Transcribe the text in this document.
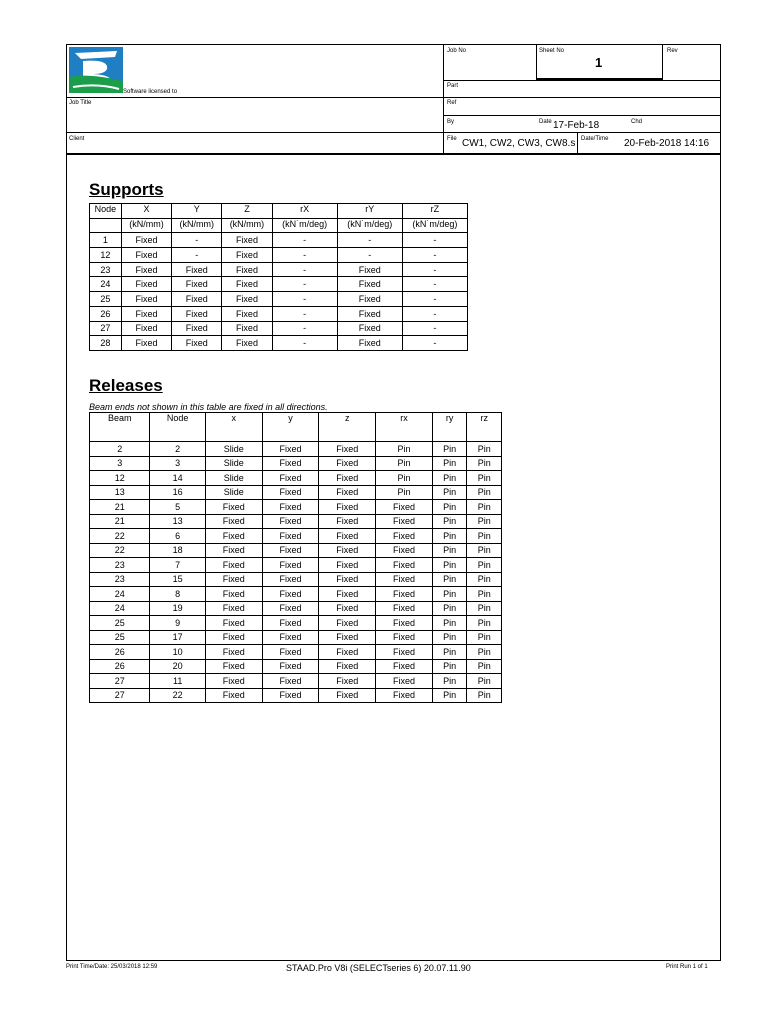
Software licensed to
Job No	Sheet No
1
Rev
Part
Job Title	Ref
By	Date 17-Feb-18	Chd
Client	File CW1, CW2, CW3, CW8.s Date/Time 20-Feb-2018 14:16
Supports
Node	X	Y	Z	rX	rY	rZ
	(kN/mm)	(kN/mm)	(kN/mm)	(kN˙m/deg)	(kN˙m/deg)	(kN˙m/deg)
1	Fixed	-	Fixed	-	-	-
12	Fixed	-	Fixed	-	-	-
23	Fixed	Fixed	Fixed	-	Fixed	-
24	Fixed	Fixed	Fixed	-	Fixed	-
25	Fixed	Fixed	Fixed	-	Fixed	-
26	Fixed	Fixed	Fixed	-	Fixed	-
27	Fixed	Fixed	Fixed	-	Fixed	-
28	Fixed	Fixed	Fixed	-	Fixed	-
Releases
Beam ends not shown in this table are fixed in all directions.
Beam	Node	x	y	z	rx	ry	rz
2	2	Slide	Fixed	Fixed	Pin	Pin	Pin
3	3	Slide	Fixed	Fixed	Pin	Pin	Pin
12	14	Slide	Fixed	Fixed	Pin	Pin	Pin
13	16	Slide	Fixed	Fixed	Pin	Pin	Pin
21	5	Fixed	Fixed	Fixed	Fixed	Pin	Pin
21	13	Fixed	Fixed	Fixed	Fixed	Pin	Pin
22	6	Fixed	Fixed	Fixed	Fixed	Pin	Pin
22	18	Fixed	Fixed	Fixed	Fixed	Pin	Pin
23	7	Fixed	Fixed	Fixed	Fixed	Pin	Pin
23	15	Fixed	Fixed	Fixed	Fixed	Pin	Pin
24	8	Fixed	Fixed	Fixed	Fixed	Pin	Pin
24	19	Fixed	Fixed	Fixed	Fixed	Pin	Pin
25	9	Fixed	Fixed	Fixed	Fixed	Pin	Pin
25	17	Fixed	Fixed	Fixed	Fixed	Pin	Pin
26	10	Fixed	Fixed	Fixed	Fixed	Pin	Pin
26	20	Fixed	Fixed	Fixed	Fixed	Pin	Pin
27	11	Fixed	Fixed	Fixed	Fixed	Pin	Pin
27	22	Fixed	Fixed	Fixed	Fixed	Pin	Pin
Print Time/Date: 25/03/2018 12:59	STAAD.Pro V8i (SELECTseries 6) 20.07.11.90	Print Run 1 of 1
